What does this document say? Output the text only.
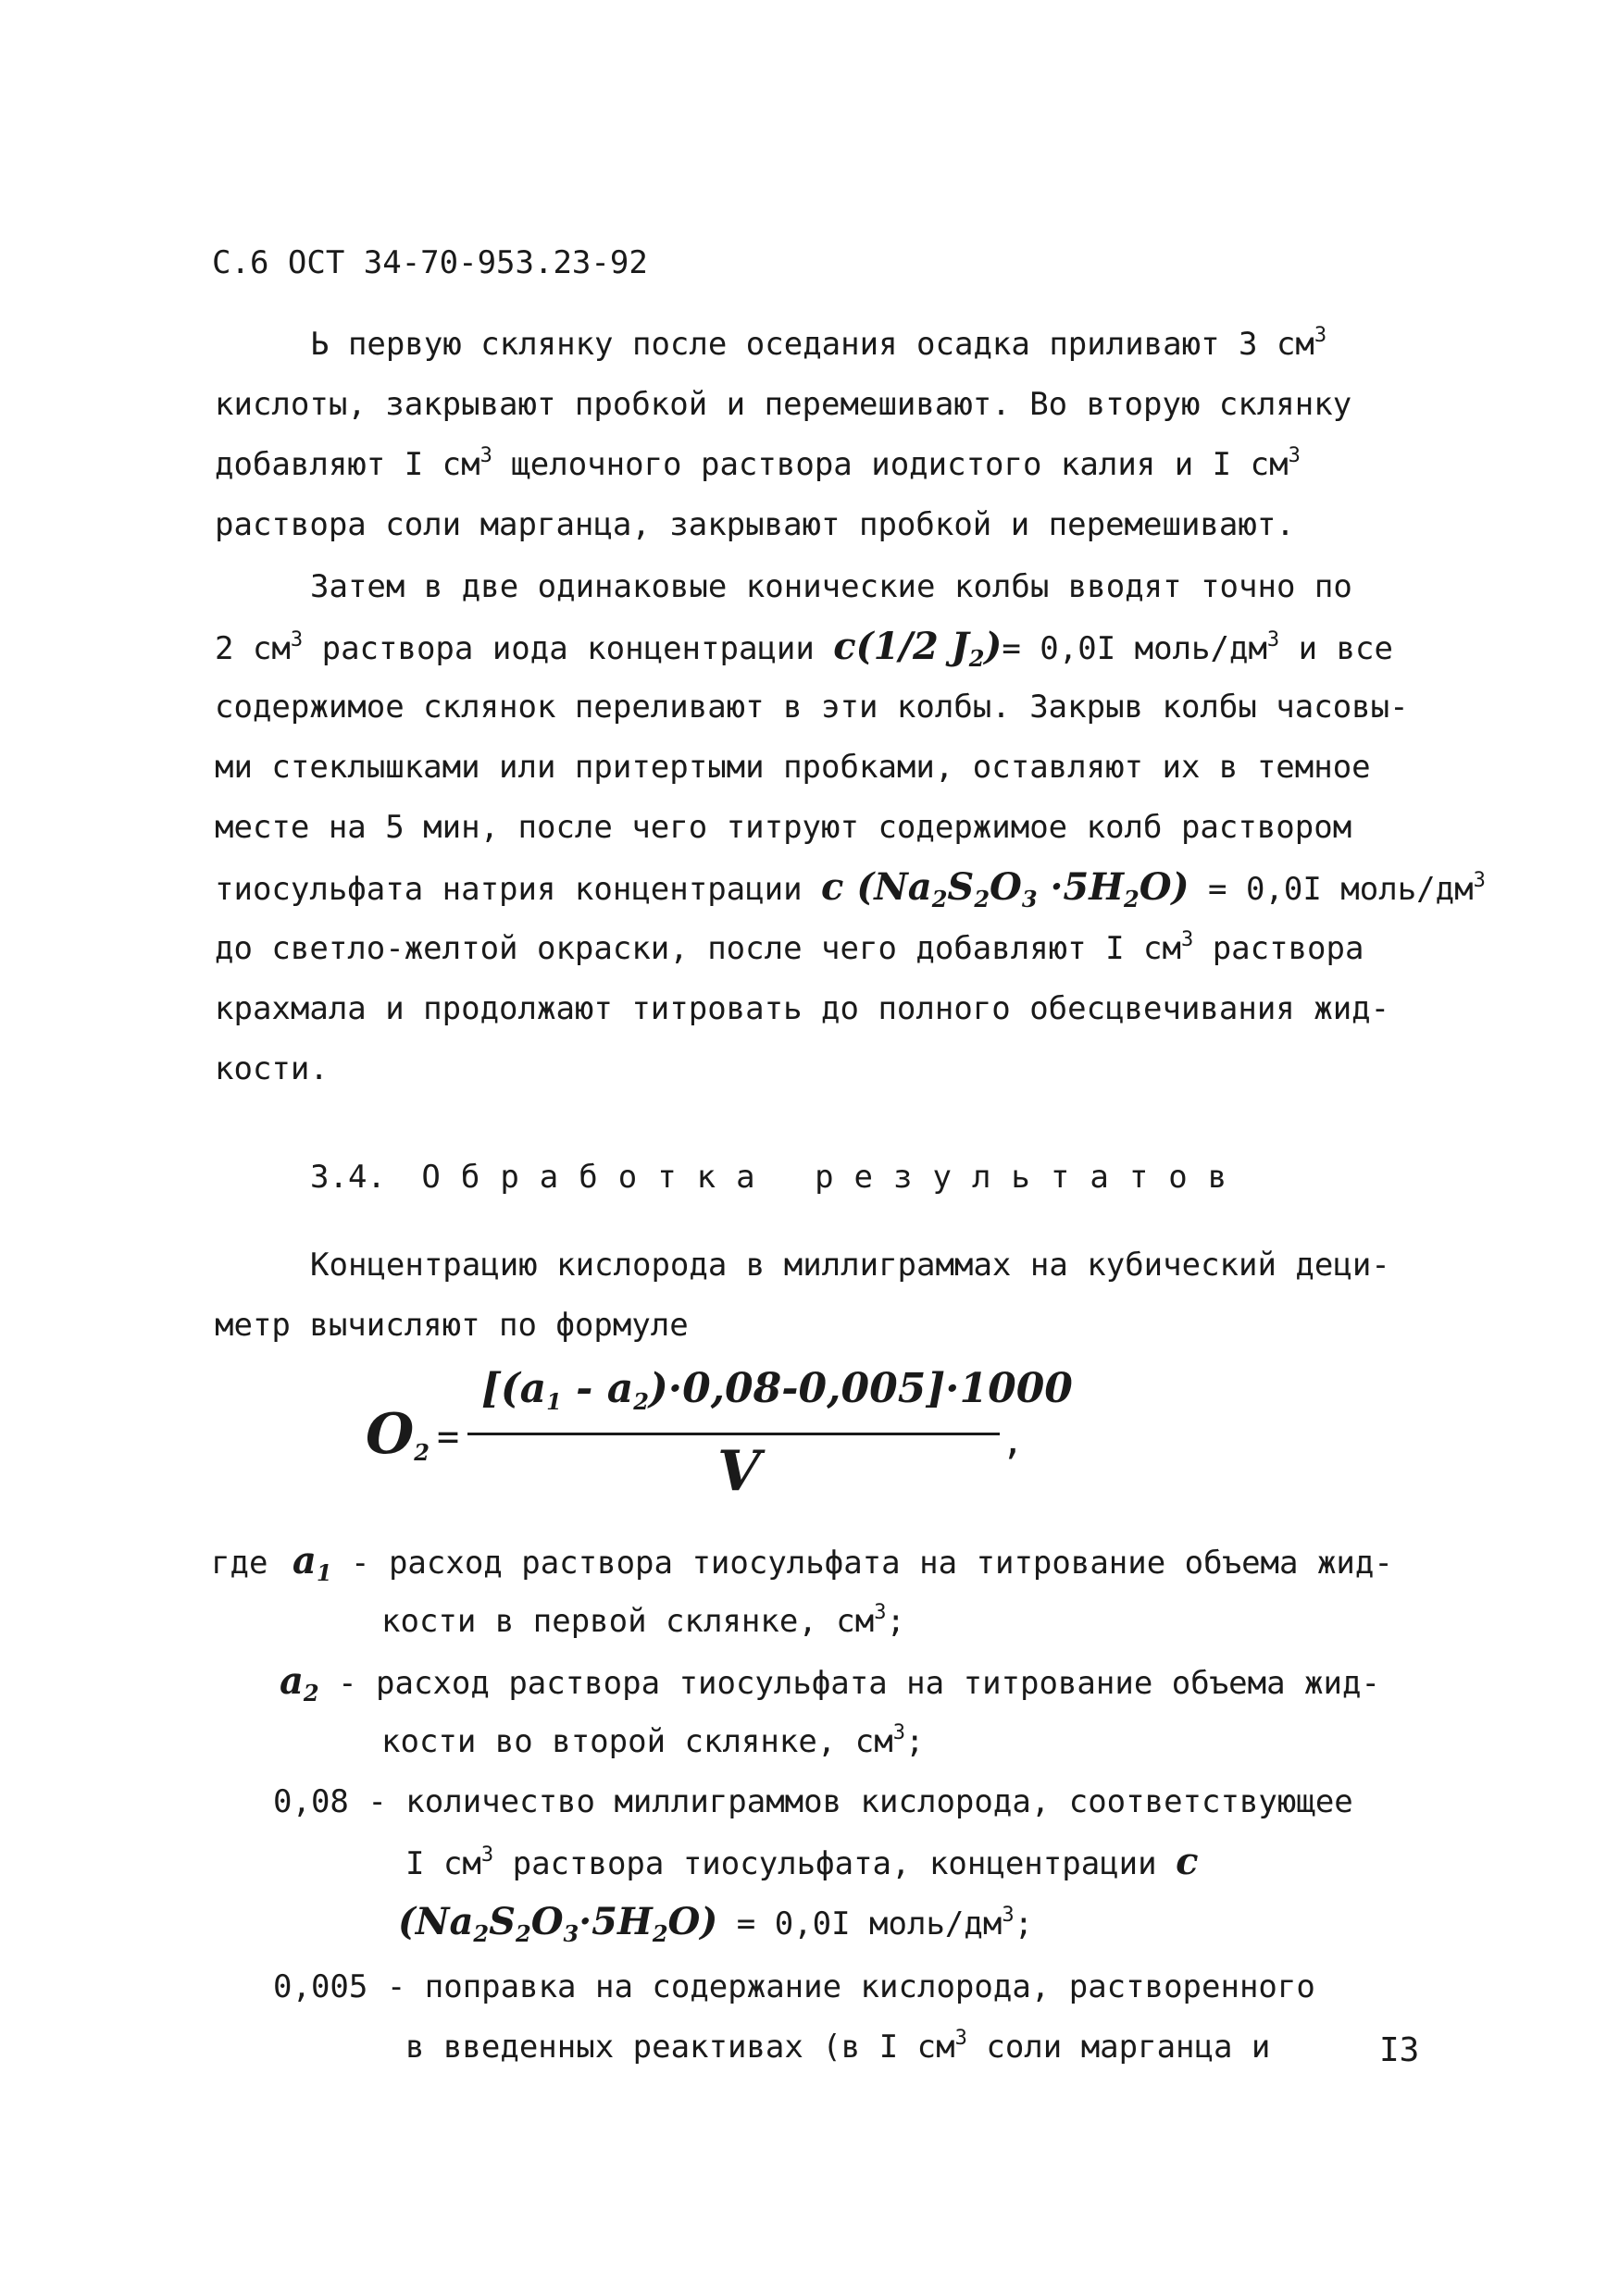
С.6 ОСТ 34-70-953.23-92
Ь первую склянку после оседания осадка приливают 3 $см^3$
кислоты, закрывают пробкой и перемешивают. Во вторую склянку
добавляют I $см^3$ щелочного раствора иодистого калия и I $см^3$
раствора соли марганца, закрывают пробкой и перемешивают.
Затем в две одинаковые конические колбы вводят точно по
2 $см^3$ раствора иода концентрации c(1/2 $J_2)= 0,0I$ моль/$дм^3$ и все
содержимое склянок переливают в эти колбы. Закрыв колбы часовы-
ми стеклышками или притертыми пробками, оставляют их в темное
месте на 5 мин, после чего титруют содержимое колб раствором
тиосульфата натрия концентрации c $(Na_2S_2O_3 \cdot 5H_2O) = 0,0I$ моль/$дм^3$
до светло-желтой окраски, после чего добавляют I $см^3$ раствора
крахмала и продолжают титровать до полного обесцвечивания жид-
кости.
3.4. Обработка результатов
Концентрацию кислорода в миллиграммах на кубический деци-
метр вычисляют по формуле
$O_2$ =
$[(a_1 - a_2)\cdot 0,08-0,005]\cdot 1000$
V	,
где $a_1$ - расход раствора тиосульфата на титрование объема жид-
кости в первой склянке, $см^3$;
$a_2$ - расход раствора тиосульфата на титрование объема жид-
кости во второй склянке, $см^3$;
0,08 - количество миллиграммов кислорода, соответствующее
I $см^3$ раствора тиосульфата, концентрации c
$(Na_2S_2O_3\cdot 5H_2O) = 0,0I$ моль/$дм^3$;
0,005 - поправка на содержание кислорода, растворенного
в введенных реактивах (в I $см^3$ соли марганца и	I3
